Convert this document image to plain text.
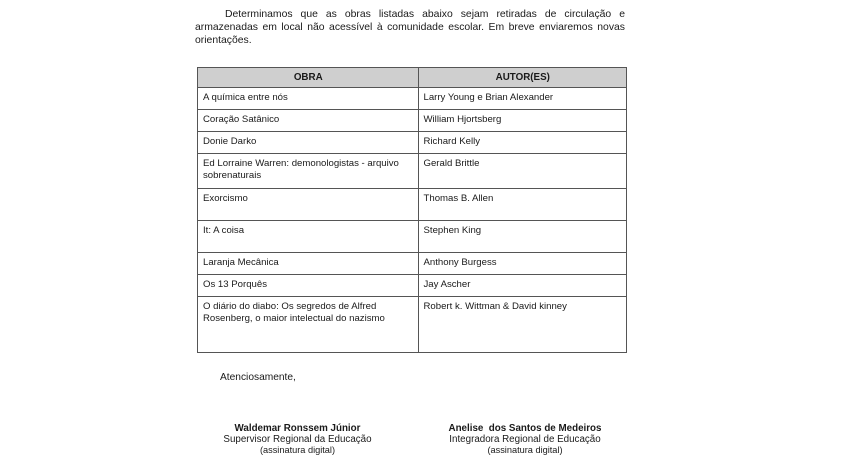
Determinamos que as obras listadas abaixo sejam retiradas de circulação e armazenadas em local não acessível à comunidade escolar. Em breve enviaremos novas orientações.

OBRA	AUTOR(ES)
A química entre nós	Larry Young e Brian Alexander
Coração Satânico	William Hjortsberg
Donie Darko	Richard Kelly
Ed Lorraine Warren: demonologistas - arquivo sobrenaturais	Gerald Brittle
Exorcismo	Thomas B. Allen
It: A coisa	Stephen King
Laranja Mecânica	Anthony Burgess
Os 13 Porquês	Jay Ascher
O diário do diabo: Os segredos de Alfred Rosenberg, o maior intelectual do nazismo	Robert k. Wittman & David kinney
Atenciosamente,
Waldemar Ronssem Júnior
Supervisor Regional da Educação
(assinatura digital)
Anelise  dos Santos de Medeiros
Integradora Regional de Educação
(assinatura digital)
